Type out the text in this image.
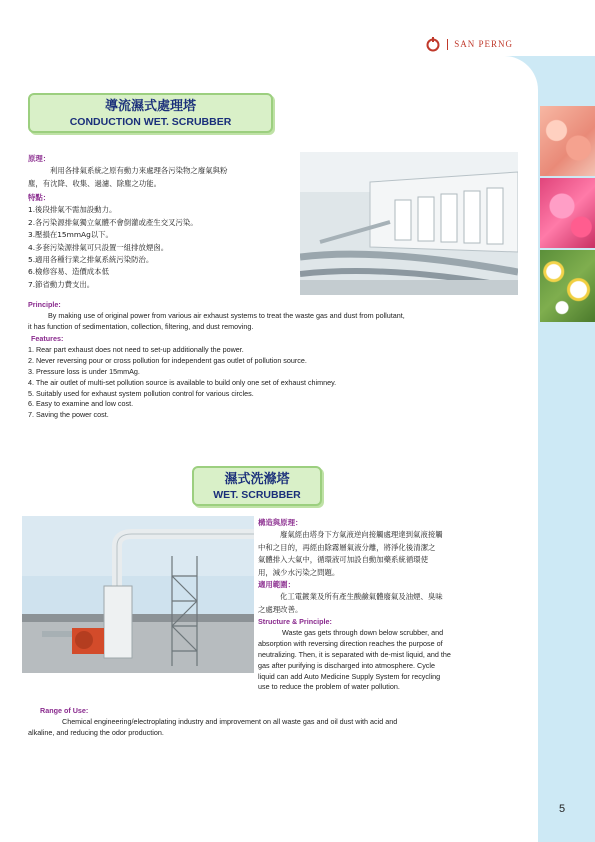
SAN PERNG
導流濕式處理塔
CONDUCTION WET. SCRUBBER
原理：
利用各排氣系統之原有動力來處理各污染物之廢氣與粉
塵，有沈降、收集、過濾、除塵之功能。
特點：
1.後段排氣不需加設動力。
2.各污染源排氣獨立氣體不會倒灌或產生交叉污染。
3.壓損在15mmAg以下。
4.多套污染源排氣可只設置一組排放煙囪。
5.適用各種行業之排氣系統污染防治。
6.檢修容易、造價成本低
7.節省動力費支出。
Principle:
By making use of original power from various air exhaust systems to treat the waste gas and dust from pollutant,
it has function of sedimentation, collection, filtering, and dust removing.
Features:
1. Rear part exhaust does not need to set-up additionally the power.
2. Never reversing pour or cross pollution for independent gas outlet of pollution source.
3. Pressure loss is under 15mmAg.
4. The air outlet of multi-set pollution source is available to build only one set of exhaust chimney.
5. Suitably used for exhaust system pollution control for various circles.
6. Easy to examine and low cost.
7. Saving the power cost.
濕式洗滌塔
WET. SCRUBBER
構造與原理：
廢氣經由塔身下方氣液逆向接觸處理達到氣液接觸
中和之目的，再經由除霧層氣液分離，將淨化後清潔之
氣體排入大氣中，循環液可加設自動加藥系統循環使
用，減少水污染之問題。
適用範圍：
化工電鍍業及所有產生酸鹼氣體廢氣及油煙、臭味
之處理改善。
Structure & Principle:
Waste gas gets through down below scrubber, and
absorption with reversing direction reaches the purpose of
neutralizing. Then, it is separated with de-mist liquid, and the
gas after purifying is discharged into atmosphere. Cycle
liquid can add Auto Medicine Supply System for recycling
use to reduce the problem of water pollution.
Range of Use:
Chemical engineering/electroplating industry and improvement on all waste gas and oil dust with acid and
alkaline, and reducing the odor production.
5
